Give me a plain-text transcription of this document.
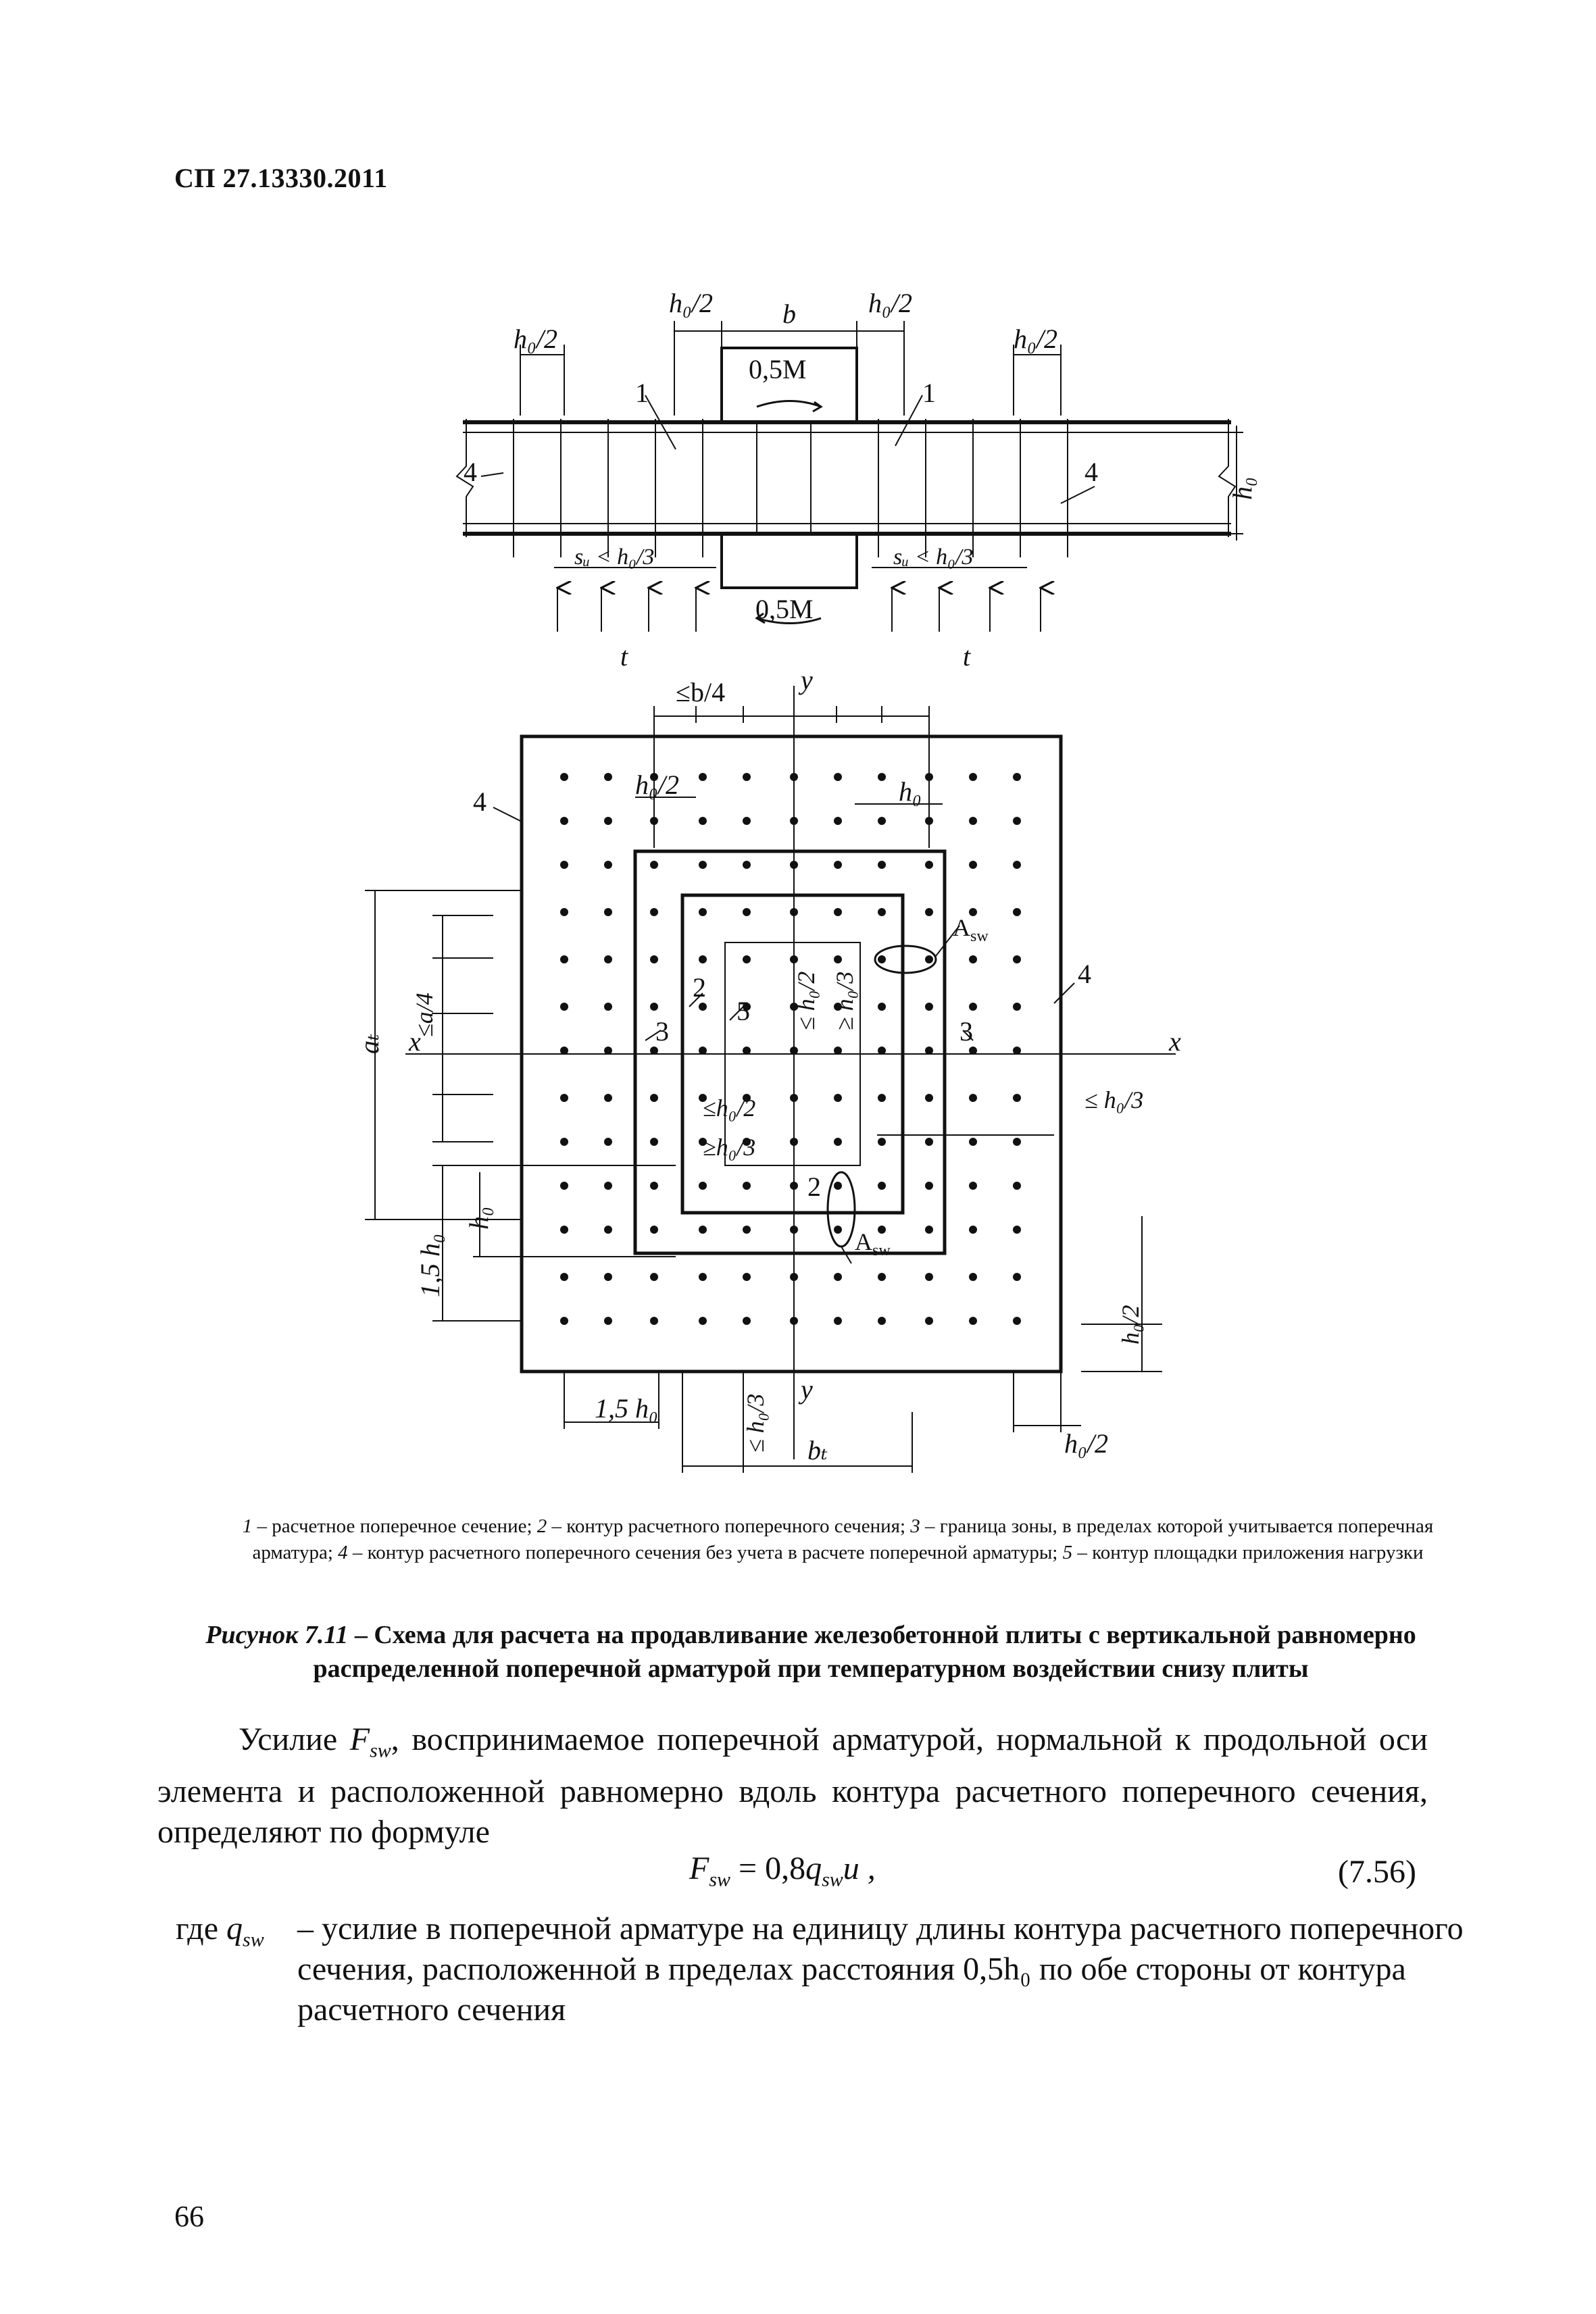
СП 27.13330.2011
h₀/2
h₀/2	b	h₀/2
h₀/2
0,5M
0,5M
1	1
4	4
h₀
sᵤ < h₀/3	sᵤ < h₀/3
t	t
≤b/4	y
y
x	x
h₀/2	h₀
4
4
$A_{sw}$
$A_{sw}$
2
2
3	3
5 ≤ h₀/2 ≥ h₀/3
≤h₀/2
≥h₀/3
≤ h₀/3
aₜ
≤a/4
1,5 h₀
h₀
h₀/2
1,5 h₀	≤ h₀/3 bₜ	h₀/2
1 – расчетное поперечное сечение; 2 – контур расчетного поперечного сечения; 3 – граница зоны, в пределах которой учитывается поперечная арматура; 4 – контур расчетного поперечного сечения без учета в расчете поперечной арматуры; 5 – контур площадки приложения нагрузки
Рисунок 7.11 – Схема для расчета на продавливание железобетонной плиты с вертикальной равномерно распределенной поперечной арматурой при температурном воздействии снизу плиты
Усилие $F_{sw}$, воспринимаемое поперечной арматурой, нормальной к продольной оси элемента и расположенной равномерно вдоль контура расчетного поперечного сечения, определяют по формуле
$F_{sw} = 0,8q_{sw}u$ ,	(7.56)
где $q_{sw}$ – усилие в поперечной арматуре на единицу длины контура расчетного поперечного сечения, расположенной в пределах расстояния 0,5h₀ по обе стороны от контура расчетного сечения
66
